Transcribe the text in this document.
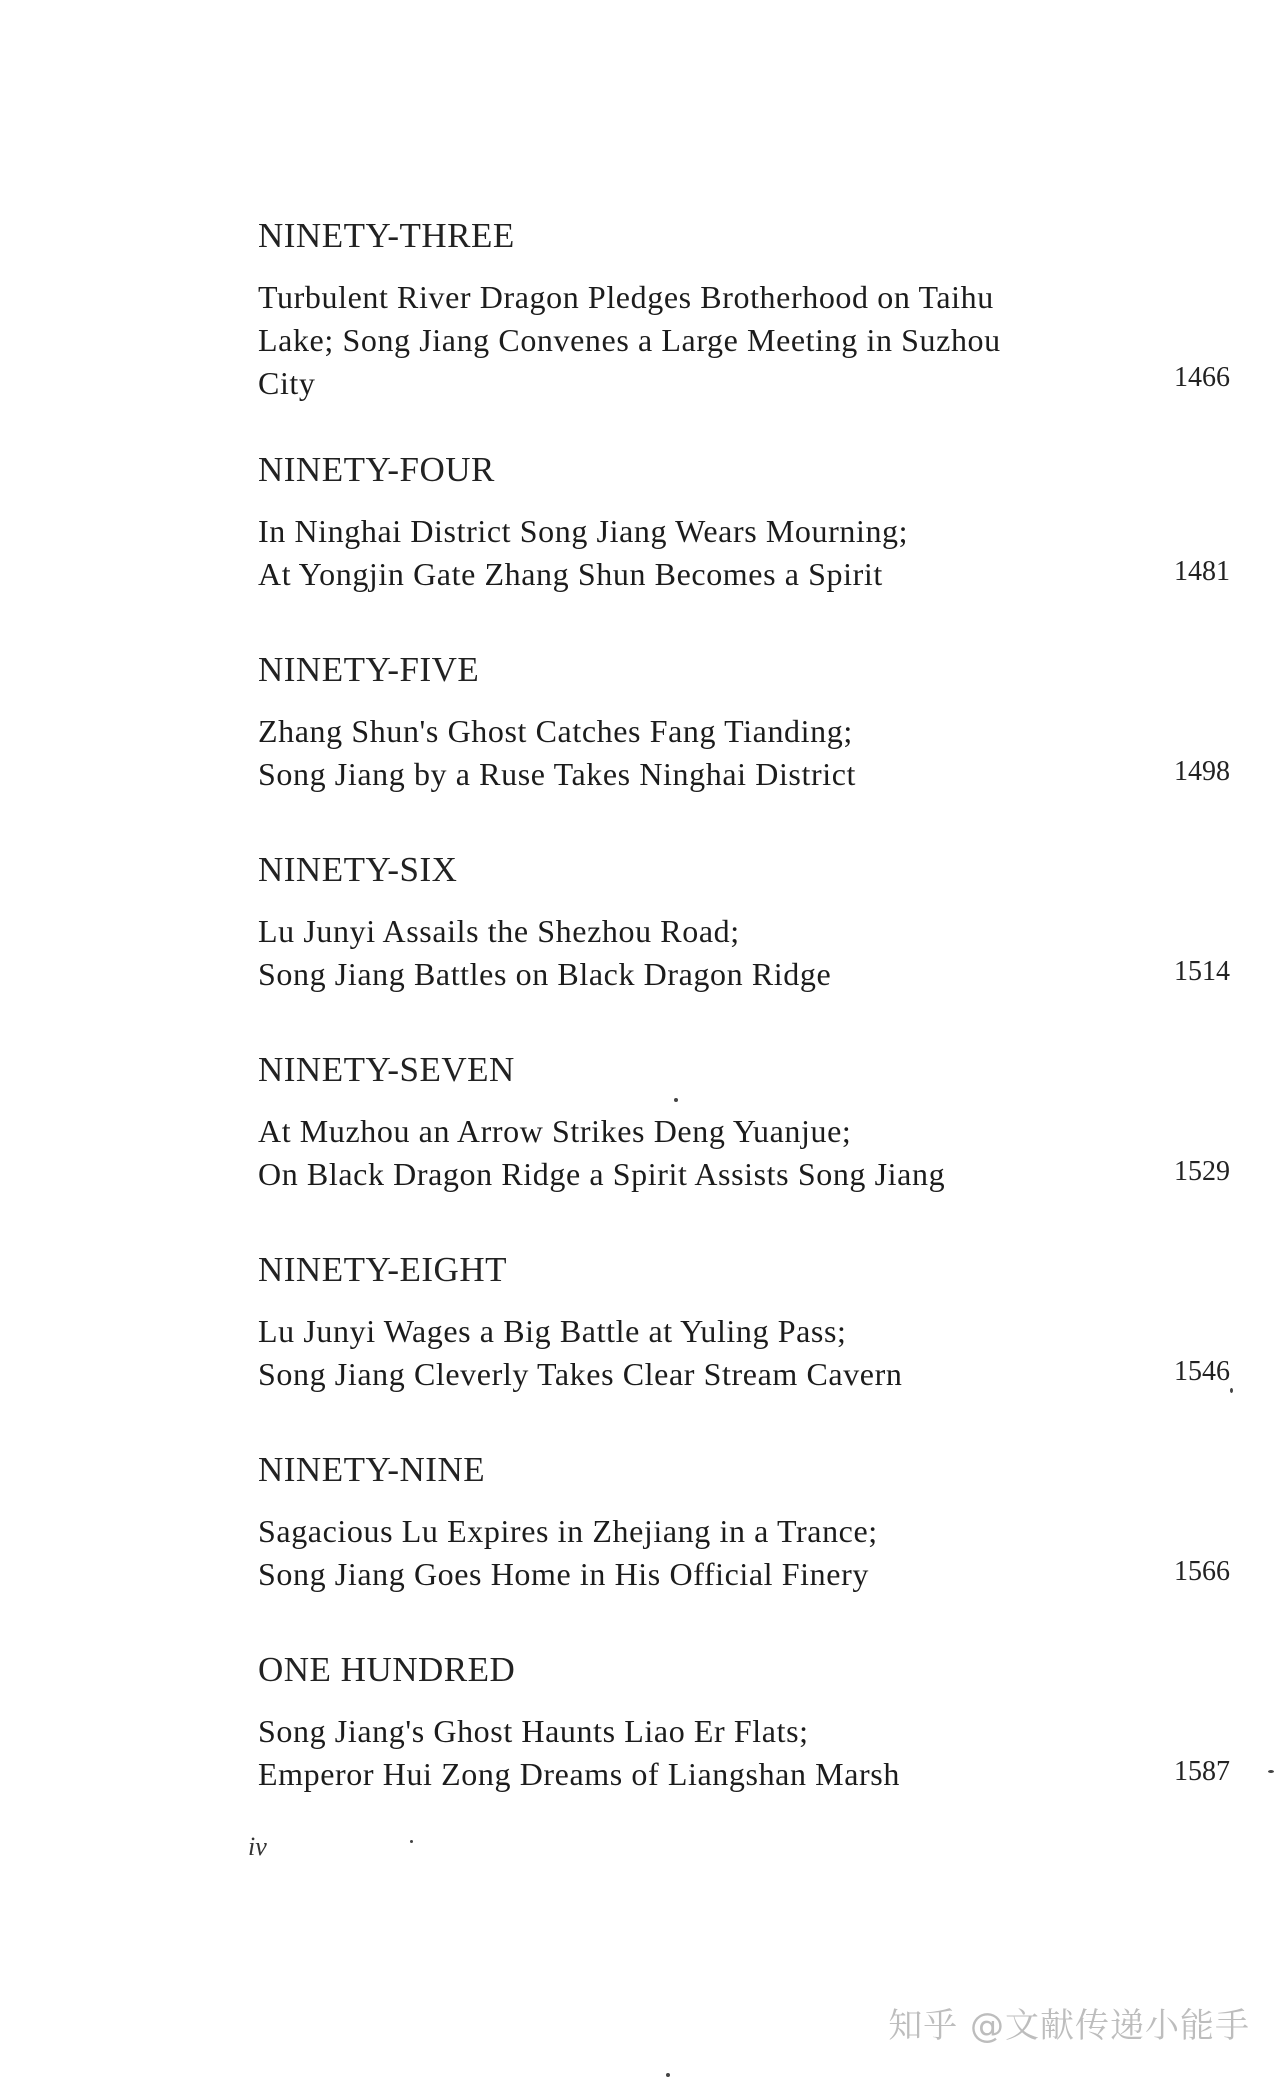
NINETY-THREE
Turbulent River Dragon Pledges Brotherhood on Taihu
Lake; Song Jiang Convenes a Large Meeting in Suzhou
City	1466
NINETY-FOUR
In Ninghai District Song Jiang Wears Mourning;
At Yongjin Gate Zhang Shun Becomes a Spirit	1481
NINETY-FIVE
Zhang Shun's Ghost Catches Fang Tianding;
Song Jiang by a Ruse Takes Ninghai District	1498
NINETY-SIX
Lu Junyi Assails the Shezhou Road;
Song Jiang Battles on Black Dragon Ridge	1514
NINETY-SEVEN
At Muzhou an Arrow Strikes Deng Yuanjue;
On Black Dragon Ridge a Spirit Assists Song Jiang	1529
NINETY-EIGHT
Lu Junyi Wages a Big Battle at Yuling Pass;
Song Jiang Cleverly Takes Clear Stream Cavern	1546
NINETY-NINE
Sagacious Lu Expires in Zhejiang in a Trance;
Song Jiang Goes Home in His Official Finery	1566
ONE HUNDRED
Song Jiang's Ghost Haunts Liao Er Flats;
Emperor Hui Zong Dreams of Liangshan Marsh	1587
iv
知乎 @文献传递小能手
